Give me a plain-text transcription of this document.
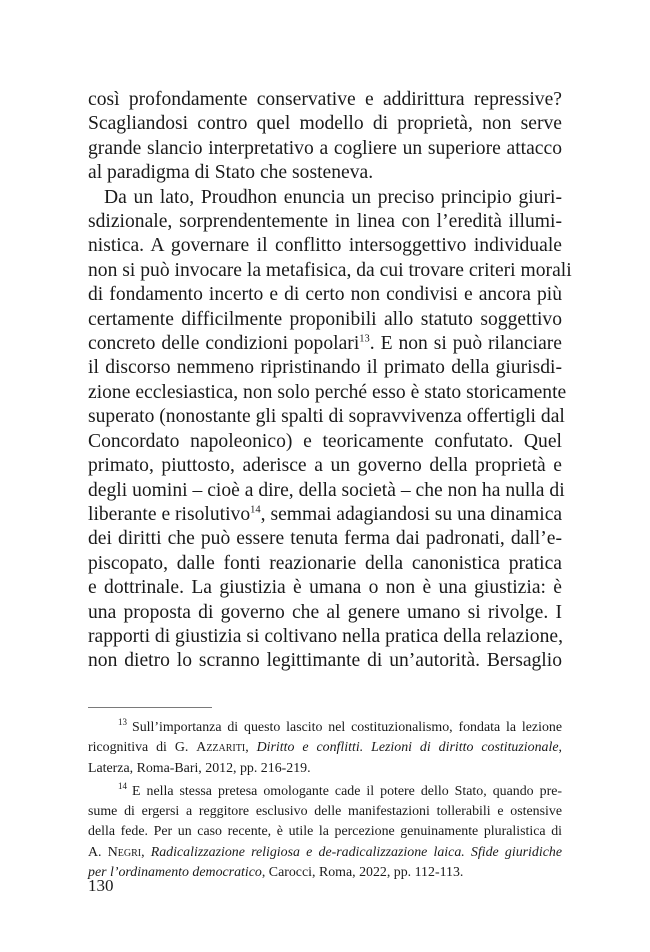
così profondamente conservative e addirittura repressive?
Scagliandosi contro quel modello di proprietà, non serve
grande slancio interpretativo a cogliere un superiore attacco
al paradigma di Stato che sosteneva.
Da un lato, Proudhon enuncia un preciso principio giuri-
sdizionale, sorprendentemente in linea con l’eredità illumi-
nistica. A governare il conflitto intersoggettivo individuale
non si può invocare la metafisica, da cui trovare criteri morali
di fondamento incerto e di certo non condivisi e ancora più
certamente difficilmente proponibili allo statuto soggettivo
concreto delle condizioni popolari$^{13}$. E non si può rilanciare
il discorso nemmeno ripristinando il primato della giurisdi-
zione ecclesiastica, non solo perché esso è stato storicamente
superato (nonostante gli spalti di sopravvivenza offertigli dal
Concordato napoleonico) e teoricamente confutato. Quel
primato, piuttosto, aderisce a un governo della proprietà e
degli uomini – cioè a dire, della società – che non ha nulla di
liberante e risolutivo$^{14}$, semmai adagiandosi su una dinamica
dei diritti che può essere tenuta ferma dai padronati, dall’e-
piscopato, dalle fonti reazionarie della canonistica pratica
e dottrinale. La giustizia è umana o non è una giustizia: è
una proposta di governo che al genere umano si rivolge. I
rapporti di giustizia si coltivano nella pratica della relazione,
non dietro lo scranno legittimante di un’autorità. Bersaglio
$^{13}$ Sull’importanza di questo lascito nel costituzionalismo, fondata la lezione
ricognitiva di G. Azzariti, Diritto e conflitti. Lezioni di diritto costituzionale,
Laterza, Roma-Bari, 2012, pp. 216-219.
$^{14}$ E nella stessa pretesa omologante cade il potere dello Stato, quando pre-
sume di ergersi a reggitore esclusivo delle manifestazioni tollerabili e ostensive
della fede. Per un caso recente, è utile la percezione genuinamente pluralistica di
A. Negri, Radicalizzazione religiosa e de-radicalizzazione laica. Sfide giuridiche
per l’ordinamento democratico, Carocci, Roma, 2022, pp. 112-113.
130
